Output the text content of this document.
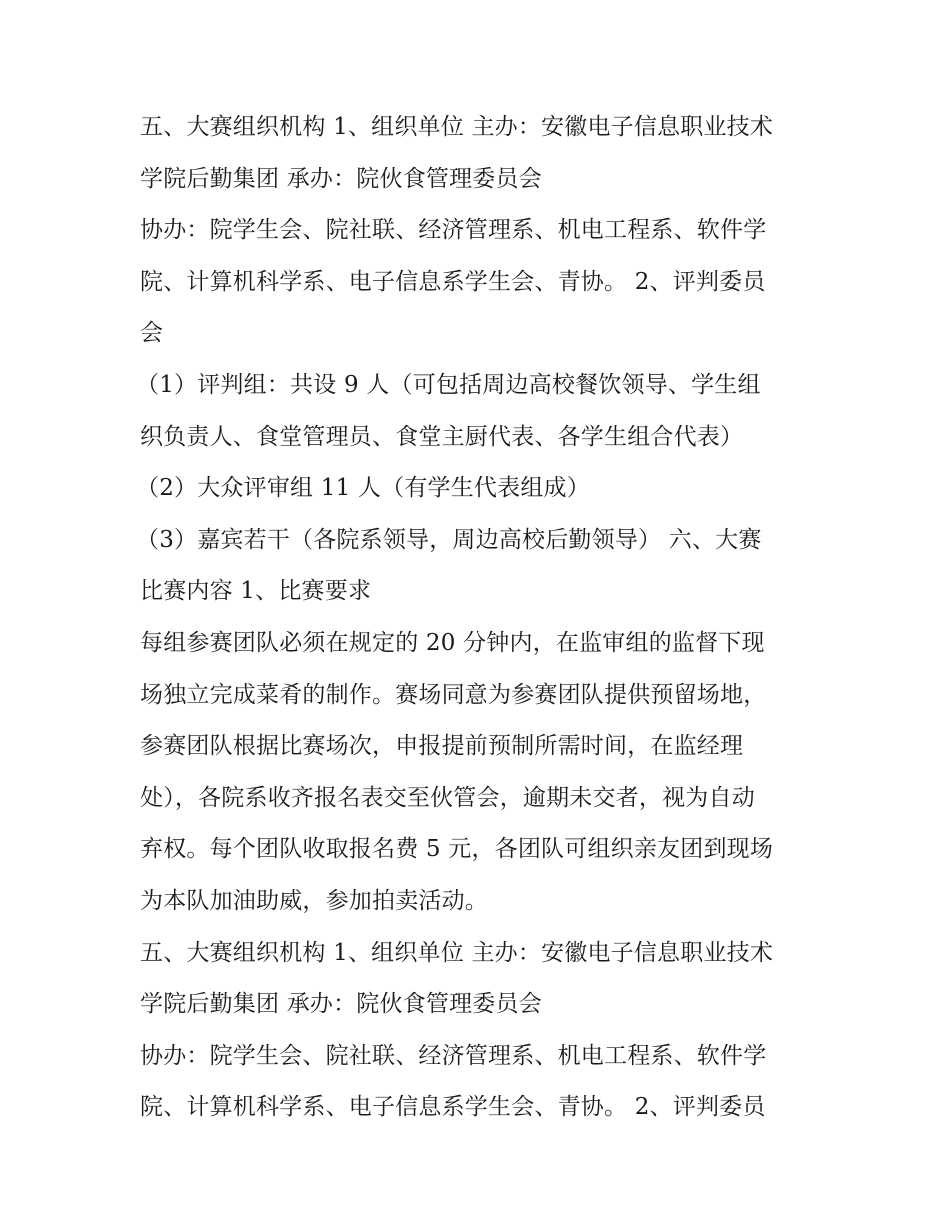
五、大赛组织机构 1、组织单位 主办：安徽电子信息职业技术
学院后勤集团 承办：院伙食管理委员会
协办：院学生会、院社联、经济管理系、机电工程系、软件学
院、计算机科学系、电子信息系学生会、青协。 2、评判委员
会
（1）评判组：共设 9 人（可包括周边高校餐饮领导、学生组
织负责人、食堂管理员、食堂主厨代表、各学生组合代表）
（2）大众评审组 11 人（有学生代表组成）
（3）嘉宾若干（各院系领导，周边高校后勤领导） 六、大赛
比赛内容 1、比赛要求
每组参赛团队必须在规定的 20 分钟内，在监审组的监督下现
场独立完成菜肴的制作。赛场同意为参赛团队提供预留场地，
参赛团队根据比赛场次，申报提前预制所需时间，在监经理
处），各院系收齐报名表交至伙管会，逾期未交者，视为自动
弃权。每个团队收取报名费 5 元，各团队可组织亲友团到现场
为本队加油助威，参加拍卖活动。
五、大赛组织机构 1、组织单位 主办：安徽电子信息职业技术
学院后勤集团 承办：院伙食管理委员会
协办：院学生会、院社联、经济管理系、机电工程系、软件学
院、计算机科学系、电子信息系学生会、青协。 2、评判委员
